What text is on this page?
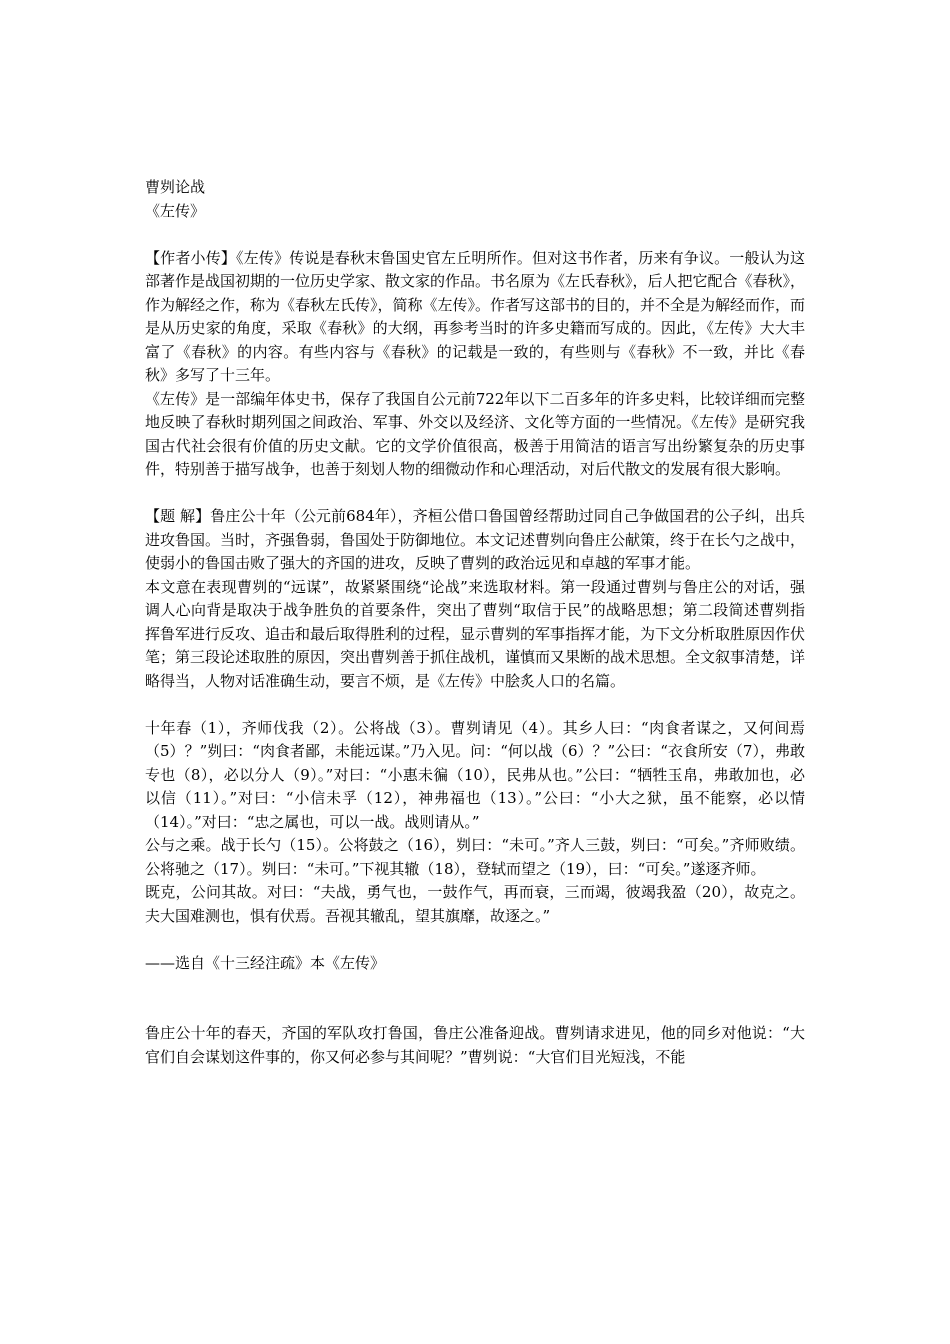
曹刿论战
《左传》

【作者小传】《左传》传说是春秋末鲁国史官左丘明所作。但对这书作者，历来有争议。一般认为这部著作是战国初期的一位历史学家、散文家的作品。书名原为《左氏春秋》，后人把它配合《春秋》，作为解经之作，称为《春秋左氏传》，简称《左传》。作者写这部书的目的，并不全是为解经而作，而是从历史家的角度，采取《春秋》的大纲，再参考当时的许多史籍而写成的。因此，《左传》大大丰富了《春秋》的内容。有些内容与《春秋》的记载是一致的，有些则与《春秋》不一致，并比《春秋》多写了十三年。

《左传》是一部编年体史书，保存了我国自公元前722年以下二百多年的许多史料，比较详细而完整地反映了春秋时期列国之间政治、军事、外交以及经济、文化等方面的一些情况。《左传》是研究我国古代社会很有价值的历史文献。它的文学价值很高，极善于用简洁的语言写出纷繁复杂的历史事件，特别善于描写战争，也善于刻划人物的细微动作和心理活动，对后代散文的发展有很大影响。

【题 解】鲁庄公十年（公元前684年），齐桓公借口鲁国曾经帮助过同自己争做国君的公子纠，出兵进攻鲁国。当时，齐强鲁弱，鲁国处于防御地位。本文记述曹刿向鲁庄公献策，终于在长勺之战中，使弱小的鲁国击败了强大的齐国的进攻，反映了曹刿的政治远见和卓越的军事才能。

本文意在表现曹刿的“远谋”，故紧紧围绕“论战”来选取材料。第一段通过曹刿与鲁庄公的对话，强调人心向背是取决于战争胜负的首要条件，突出了曹刿“取信于民”的战略思想；第二段简述曹刿指挥鲁军进行反攻、追击和最后取得胜利的过程，显示曹刿的军事指挥才能，为下文分析取胜原因作伏笔；第三段论述取胜的原因，突出曹刿善于抓住战机，谨慎而又果断的战术思想。全文叙事清楚，详略得当，人物对话准确生动，要言不烦，是《左传》中脍炙人口的名篇。

十年春（1），齐师伐我（2）。公将战（3）。曹刿请见（4）。其乡人曰：“肉食者谋之，又何间焉（5）？”刿曰：“肉食者鄙，未能远谋。”乃入见。问：“何以战（6）？”公曰：“衣食所安（7），弗敢专也（8），必以分人（9）。”对曰：“小惠未徧（10），民弗从也。”公曰：“牺牲玉帛，弗敢加也，必以信（11）。”对曰：“小信未孚（12），神弗福也（13）。”公曰：“小大之狱，虽不能察，必以情（14）。”对曰：“忠之属也，可以一战。战则请从。”

公与之乘。战于长勺（15）。公将鼓之（16），刿曰：“未可。”齐人三鼓，刿曰：“可矣。”齐师败绩。公将驰之（17）。刿曰：“未可。”下视其辙（18），登轼而望之（19），曰：“可矣。”遂逐齐师。

既克，公问其故。对曰：“夫战，勇气也，一鼓作气，再而衰，三而竭，彼竭我盈（20），故克之。夫大国难测也，惧有伏焉。吾视其辙乱，望其旗靡，故逐之。”

——选自《十三经注疏》本《左传》

鲁庄公十年的春天，齐国的军队攻打鲁国，鲁庄公准备迎战。曹刿请求进见，他的同乡对他说：“大官们自会谋划这件事的，你又何必参与其间呢？”曹刿说：“大官们目光短浅，不能
